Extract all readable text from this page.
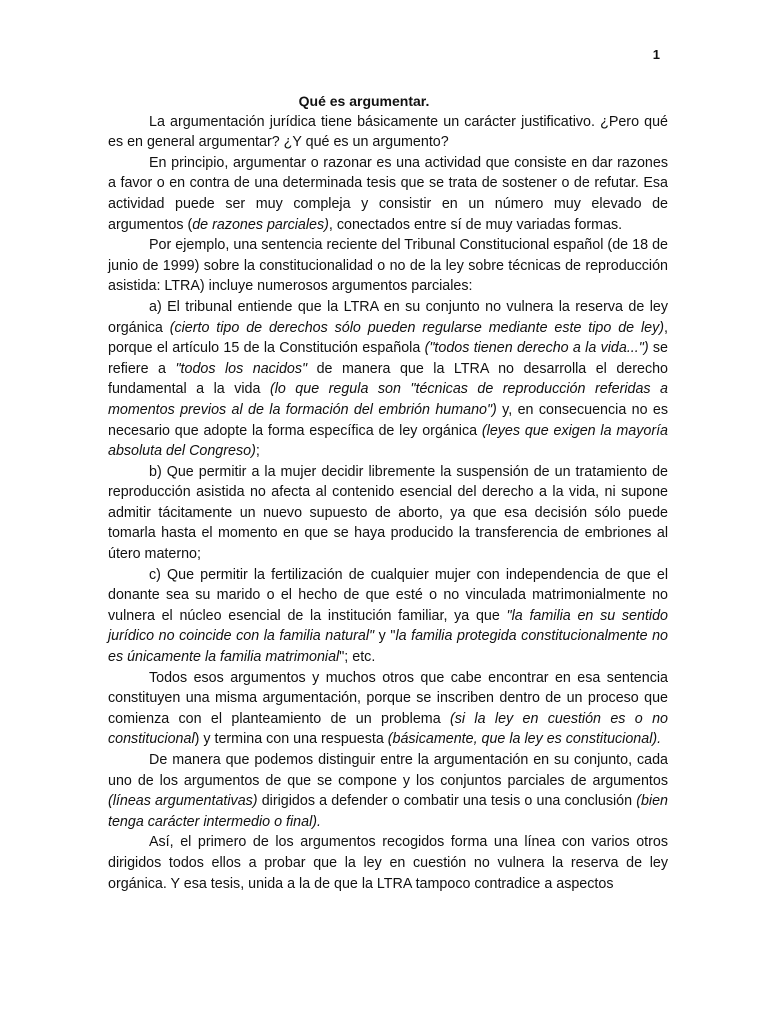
1
Qué es argumentar.

La argumentación jurídica tiene básicamente un carácter justificativo. ¿Pero qué es en general argumentar? ¿Y qué es un argumento?

En principio, argumentar o razonar es una actividad que consiste en dar razones a favor o en contra de una determinada tesis que se trata de sostener o de refutar. Esa actividad puede ser muy compleja y consistir en un número muy elevado de argumentos (de razones parciales), conectados entre sí de muy variadas formas.

Por ejemplo, una sentencia reciente del Tribunal Constitucional español (de 18 de junio de 1999) sobre la constitucionalidad o no de la ley sobre técnicas de reproducción asistida: LTRA) incluye numerosos argumentos parciales:

a) El tribunal entiende que la LTRA en su conjunto no vulnera la reserva de ley orgánica (cierto tipo de derechos sólo pueden regularse mediante este tipo de ley), porque el artículo 15 de la Constitución española ("todos tienen derecho a la vida...") se refiere a "todos los nacidos" de manera que la LTRA no desarrolla el derecho fundamental a la vida (lo que regula son "técnicas de reproducción referidas a momentos previos al de la formación del embrión humano") y, en consecuencia no es necesario que adopte la forma específica de ley orgánica (leyes que exigen la mayoría absoluta del Congreso);

b) Que permitir a la mujer decidir libremente la suspensión de un tratamiento de reproducción asistida no afecta al contenido esencial del derecho a la vida, ni supone admitir tácitamente un nuevo supuesto de aborto, ya que esa decisión sólo puede tomarla hasta el momento en que se haya producido la transferencia de embriones al útero materno;

c) Que permitir la fertilización de cualquier mujer con independencia de que el donante sea su marido o el hecho de que esté o no vinculada matrimonialmente no vulnera el núcleo esencial de la institución familiar, ya que "la familia en su sentido jurídico no coincide con la familia natural" y "la familia protegida constitucionalmente no es únicamente la familia matrimonial"; etc.

Todos esos argumentos y muchos otros que cabe encontrar en esa sentencia constituyen una misma argumentación, porque se inscriben dentro de un proceso que comienza con el planteamiento de un problema (si la ley en cuestión es o no constitucional) y termina con una respuesta (básicamente, que la ley es constitucional).

De manera que podemos distinguir entre la argumentación en su conjunto, cada uno de los argumentos de que se compone y los conjuntos parciales de argumentos (líneas argumentativas) dirigidos a defender o combatir una tesis o una conclusión (bien tenga carácter intermedio o final).

Así, el primero de los argumentos recogidos forma una línea con varios otros dirigidos todos ellos a probar que la ley en cuestión no vulnera la reserva de ley orgánica. Y esa tesis, unida a la de que la LTRA tampoco contradice a aspectos
